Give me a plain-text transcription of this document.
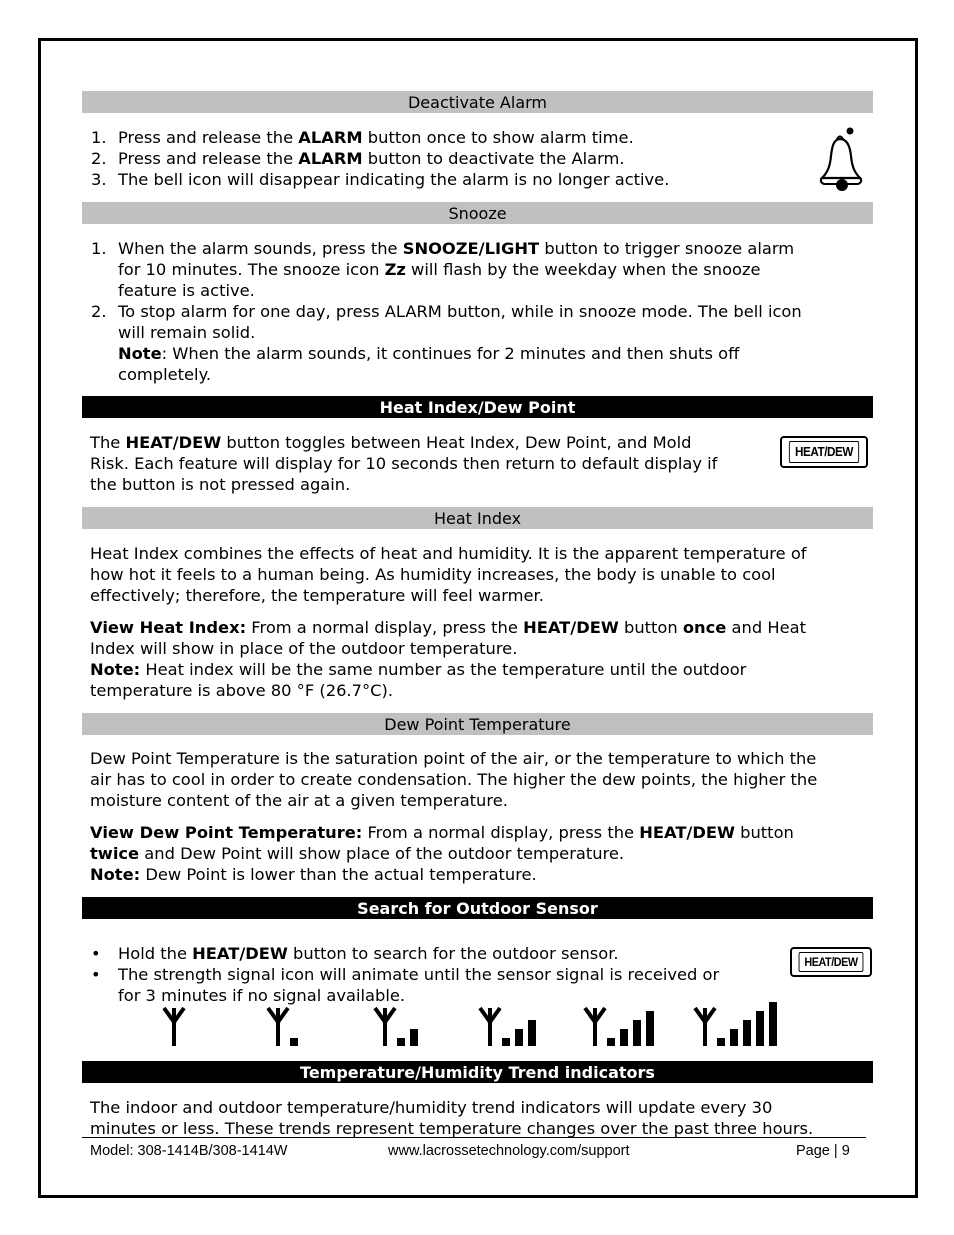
Deactivate Alarm
1. Press and release the ALARM button once to show alarm time.
2. Press and release the ALARM button to deactivate the Alarm.
3. The bell icon will disappear indicating the alarm is no longer active.
Snooze
1. When the alarm sounds, press the SNOOZE/LIGHT button to trigger snooze alarm
for 10 minutes. The snooze icon Zz will flash by the weekday when the snooze
feature is active.
2. To stop alarm for one day, press ALARM button, while in snooze mode. The bell icon
will remain solid.
Note: When the alarm sounds, it continues for 2 minutes and then shuts off
completely.
Heat Index/Dew Point
The HEAT/DEW button toggles between Heat Index, Dew Point, and Mold
Risk. Each feature will display for 10 seconds then return to default display if
the button is not pressed again.
HEAT/DEW
Heat Index
Heat Index combines the effects of heat and humidity. It is the apparent temperature of
how hot it feels to a human being. As humidity increases, the body is unable to cool
effectively; therefore, the temperature will feel warmer.
View Heat Index: From a normal display, press the HEAT/DEW button once and Heat
Index will show in place of the outdoor temperature.
Note: Heat index will be the same number as the temperature until the outdoor
temperature is above 80 °F (26.7°C).
Dew Point Temperature
Dew Point Temperature is the saturation point of the air, or the temperature to which the
air has to cool in order to create condensation. The higher the dew points, the higher the
moisture content of the air at a given temperature.
View Dew Point Temperature: From a normal display, press the HEAT/DEW button
twice and Dew Point will show place of the outdoor temperature.
Note: Dew Point is lower than the actual temperature.
Search for Outdoor Sensor
• Hold the HEAT/DEW button to search for the outdoor sensor.
• The strength signal icon will animate until the sensor signal is received or
for 3 minutes if no signal available.
HEAT/DEW
Temperature/Humidity Trend indicators
The indoor and outdoor temperature/humidity trend indicators will update every 30
minutes or less. These trends represent temperature changes over the past three hours.
Model: 308-1414B/308-1414W	www.lacrossetechnology.com/support	Page | 9
